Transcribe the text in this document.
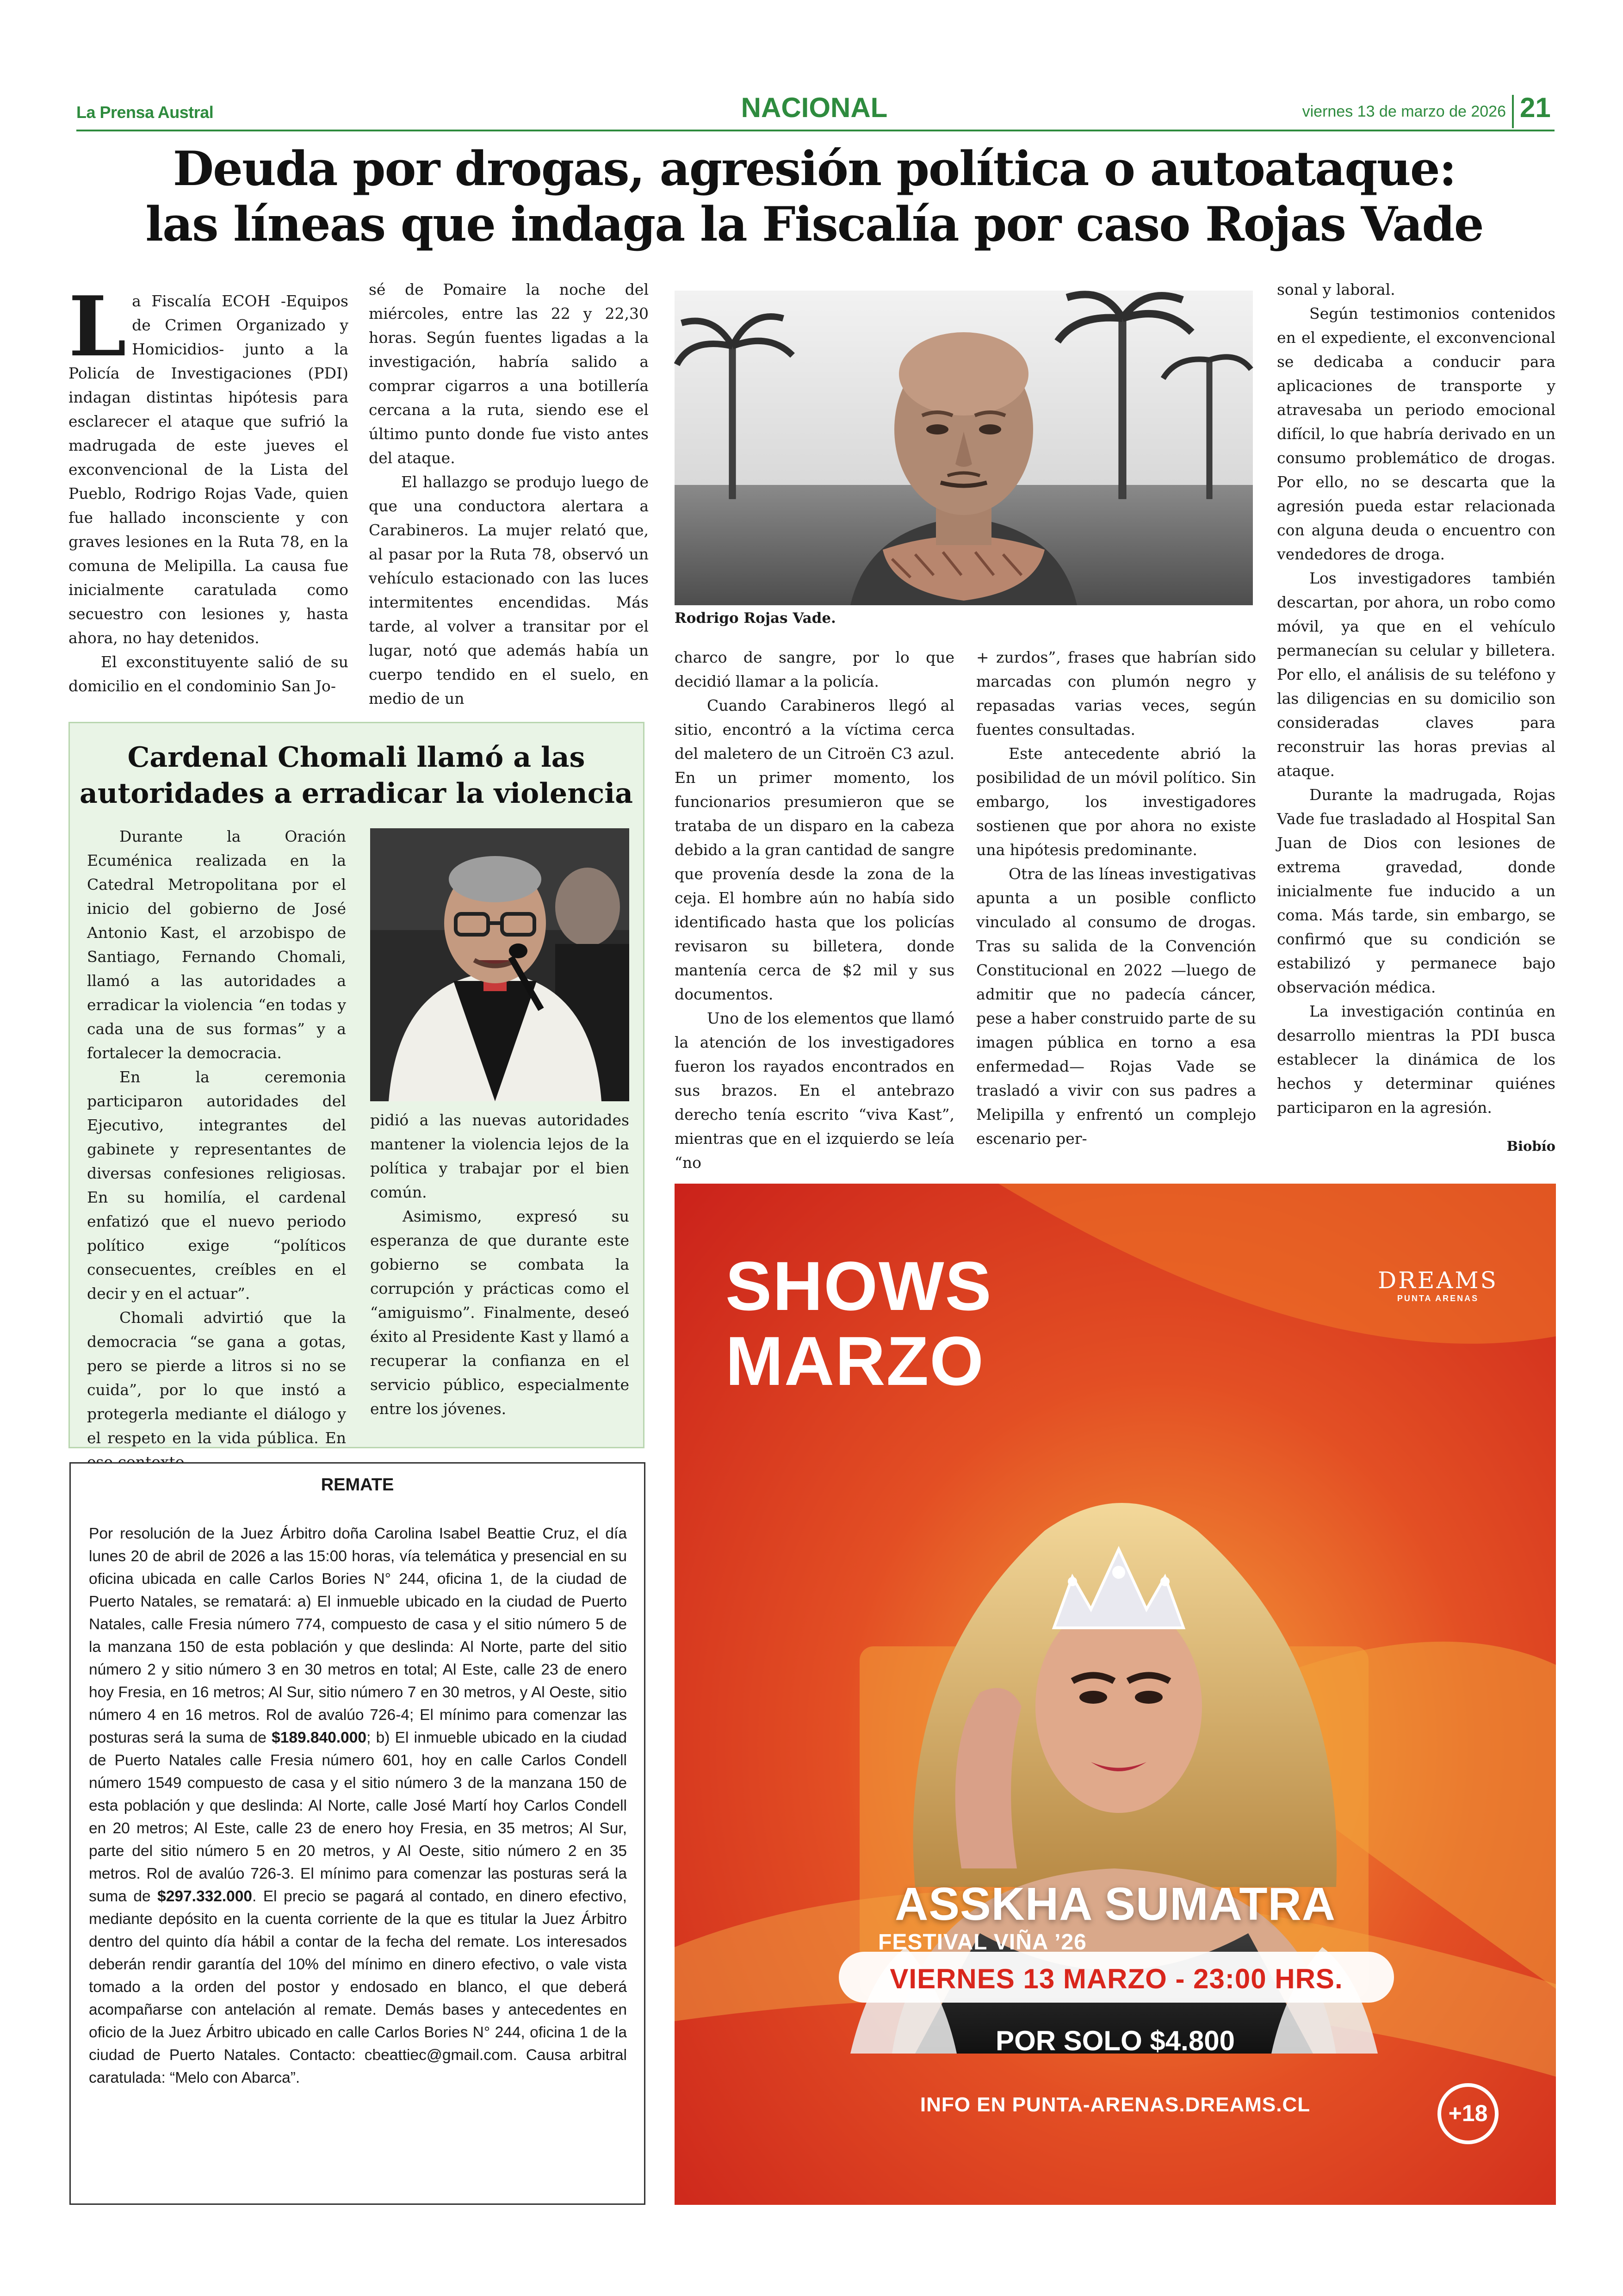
La Prensa Austral	NACIONAL	viernes 13 de marzo de 2026 21
Deuda por drogas, agresión política o autoataque:
las líneas que indaga la Fiscalía por caso Rojas Vade

La Fiscalía ECOH -Equipos de Crimen Organizado y Homicidios- junto a la Policía de Investigaciones (PDI) indagan distintas hipótesis para esclarecer el ataque que sufrió la madrugada de este jueves el exconvencional de la Lista del Pueblo, Rodrigo Rojas Vade, quien fue hallado inconsciente y con graves lesiones en la Ruta 78, en la comuna de Melipilla. La causa fue inicialmente caratulada como secuestro con lesiones y, hasta ahora, no hay detenidos.

El exconstituyente salió de su domicilio en el condominio San Jo-

sé de Pomaire la noche del miércoles, entre las 22 y 22,30 horas. Según fuentes ligadas a la investigación, habría salido a comprar cigarros a una botillería cercana a la ruta, siendo ese el último punto donde fue visto antes del ataque.

El hallazgo se produjo luego de que una conductora alertara a Carabineros. La mujer relató que, al pasar por la Ruta 78, observó un vehículo estacionado con las luces intermitentes encendidas. Más tarde, al volver a transitar por el lugar, notó que además había un cuerpo tendido en el suelo, en medio de un

Rodrigo Rojas Vade.

charco de sangre, por lo que decidió llamar a la policía.

Cuando Carabineros llegó al sitio, encontró a la víctima cerca del maletero de un Citroën C3 azul. En un primer momento, los funcionarios presumieron que se trataba de un disparo en la cabeza debido a la gran cantidad de sangre que provenía desde la zona de la ceja. El hombre aún no había sido identificado hasta que los policías revisaron su billetera, donde mantenía cerca de $2 mil y sus documentos.

Uno de los elementos que llamó la atención de los investigadores fueron los rayados encontrados en sus brazos. En el antebrazo derecho tenía escrito “viva Kast”, mientras que en el izquierdo se leía “no

+ zurdos”, frases que habrían sido marcadas con plumón negro y repasadas varias veces, según fuentes consultadas.

Este antecedente abrió la posibilidad de un móvil político. Sin embargo, los investigadores sostienen que por ahora no existe una hipótesis predominante.

Otra de las líneas investigativas apunta a un posible conflicto vinculado al consumo de drogas. Tras su salida de la Convención Constitucional en 2022 —luego de admitir que no padecía cáncer, pese a haber construido parte de su imagen pública en torno a esa enfermedad— Rojas Vade se trasladó a vivir con sus padres a Melipilla y enfrentó un complejo escenario per-

sonal y laboral.

Según testimonios contenidos en el expediente, el exconvencional se dedicaba a conducir para aplicaciones de transporte y atravesaba un periodo emocional difícil, lo que habría derivado en un consumo problemático de drogas. Por ello, no se descarta que la agresión pueda estar relacionada con alguna deuda o encuentro con vendedores de droga.

Los investigadores también descartan, por ahora, un robo como móvil, ya que en el vehículo permanecían su celular y billetera. Por ello, el análisis de su teléfono y las diligencias en su domicilio son consideradas claves para reconstruir las horas previas al ataque.

Durante la madrugada, Rojas Vade fue trasladado al Hospital San Juan de Dios con lesiones de extrema gravedad, donde inicialmente fue inducido a un coma. Más tarde, sin embargo, se confirmó que su condición se estabilizó y permanece bajo observación médica.

La investigación continúa en desarrollo mientras la PDI busca establecer la dinámica de los hechos y determinar quiénes participaron en la agresión.

Biobío
Cardenal Chomali llamó a las
autoridades a erradicar la violencia

Durante la Oración Ecuménica realizada en la Catedral Metropolitana por el inicio del gobierno de José Antonio Kast, el arzobispo de Santiago, Fernando Chomali, llamó a las autoridades a erradicar la violencia “en todas y cada una de sus formas” y a fortalecer la democracia.

En la ceremonia participaron autoridades del Ejecutivo, integrantes del gabinete y representantes de diversas confesiones religiosas. En su homilía, el cardenal enfatizó que el nuevo periodo político exige “políticos consecuentes, creíbles en el decir y en el actuar”.

Chomali advirtió que la democracia “se gana a gotas, pero se pierde a litros si no se cuida”, por lo que instó a protegerla mediante el diálogo y el respeto en la vida pública. En

pidió a las nuevas autoridades mantener la violencia lejos de la política y trabajar por el bien común.

Asimismo, expresó su esperanza de que durante este gobierno se combata la corrupción y prácticas como el “amiguismo”. Finalmente, deseó éxito al Presidente Kast y llamó a recuperar la confianza en el servicio público, especialmente entre los jóvenes.

REMATE
Por resolución de la Juez Árbitro doña Carolina Isabel Beattie Cruz, el día lunes 20 de abril de 2026 a las 15:00 horas, vía telemática y presencial en su oficina ubicada en calle Carlos Bories N° 244, oficina 1, de la ciudad de Puerto Natales, se rematará: a) El inmueble ubicado en la ciudad de Puerto Natales, calle Fresia número 774, compuesto de casa y el sitio número 5 de la manzana 150 de esta población y que deslinda: Al Norte, parte del sitio número 2 y sitio número 3 en 30 metros en total; Al Este, calle 23 de enero hoy Fresia, en 16 metros; Al Sur, sitio número 7 en 30 metros, y Al Oeste, sitio número 4 en 16 metros. Rol de avalúo 726-4; El mínimo para comenzar las posturas será la suma de $189.840.000; b) El inmueble ubicado en la ciudad de Puerto Natales calle Fresia número 601, hoy en calle Carlos Condell número 1549 compuesto de casa y el sitio número 3 de la manzana 150 de esta población y que deslinda: Al Norte, calle José Martí hoy Carlos Condell en 20 metros; Al Este, calle 23 de enero hoy Fresia, en 35 metros; Al Sur, parte del sitio número 5 en 20 metros, y Al Oeste, sitio número 2 en 35 metros. Rol de avalúo 726-3. El mínimo para comenzar las posturas será la suma de $297.332.000. El precio se pagará al contado, en dinero efectivo, mediante depósito en la cuenta corriente de la que es titular la Juez Árbitro dentro del quinto día hábil a contar de la fecha del remate. Los interesados deberán rendir garantía del 10% del mínimo en dinero efectivo, o vale vista tomado a la orden del postor y endosado en blanco, el que deberá acompañarse con antelación al remate. Demás bases y antecedentes en oficio de la Juez Árbitro ubicado en calle Carlos Bories N° 244, oficina 1 de la ciudad de Puerto Natales. Contacto: cbeattiec@gmail.com. Causa arbitral caratulada: “Melo con Abarca”.
SHOWS
MARZO
DREAMS
PUNTA ARENAS
ASSKHA SUMATRA
FESTIVAL VIÑA ’26
VIERNES 13 MARZO - 23:00 HRS.
POR SOLO $4.800
INFO EN PUNTA-ARENAS.DREAMS.CL	+18
